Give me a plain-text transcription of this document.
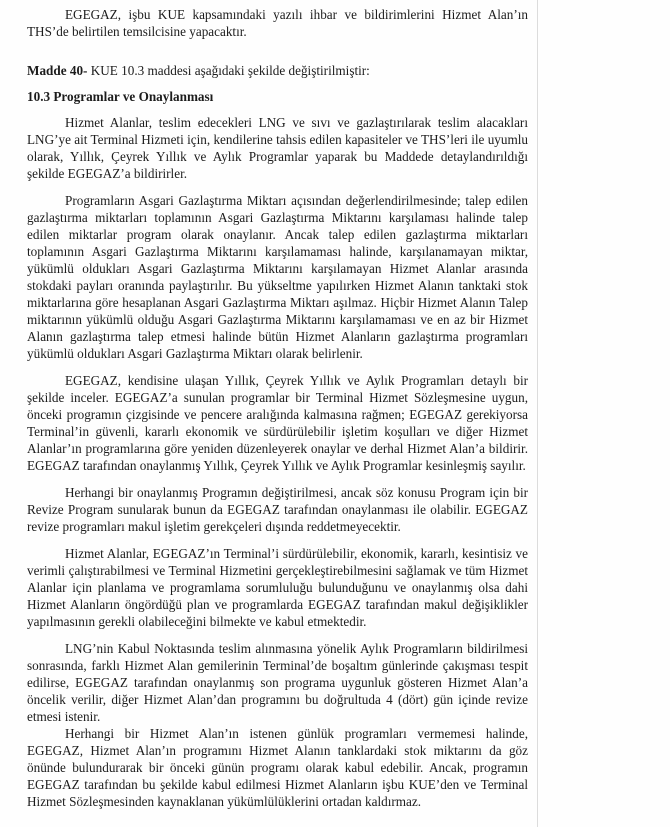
EGEGAZ, işbu KUE kapsamındaki yazılı ihbar ve bildirimlerini Hizmet Alan’ın THS’de belirtilen temsilcisine yapacaktır.

Madde 40- KUE 10.3 maddesi aşağıdaki şekilde değiştirilmiştir:

10.3 Programlar ve Onaylanması

Hizmet Alanlar, teslim edecekleri LNG ve sıvı ve gazlaştırılarak teslim alacakları LNG’ye ait Terminal Hizmeti için, kendilerine tahsis edilen kapasiteler ve THS’leri ile uyumlu olarak, Yıllık, Çeyrek Yıllık ve Aylık Programlar yaparak bu Maddede detaylandırıldığı şekilde EGEGAZ’a bildirirler.

Programların Asgari Gazlaştırma Miktarı açısından değerlendirilmesinde; talep edilen gazlaştırma miktarları toplamının Asgari Gazlaştırma Miktarını karşılaması halinde talep edilen miktarlar program olarak onaylanır. Ancak talep edilen gazlaştırma miktarları toplamının Asgari Gazlaştırma Miktarını karşılamaması halinde, karşılanamayan miktar, yükümlü oldukları Asgari Gazlaştırma Miktarını karşılamayan Hizmet Alanlar arasında stokdaki payları oranında paylaştırılır. Bu yükseltme yapılırken Hizmet Alanın tanktaki stok miktarlarına göre hesaplanan Asgari Gazlaştırma Miktarı aşılmaz. Hiçbir Hizmet Alanın Talep miktarının yükümlü olduğu Asgari Gazlaştırma Miktarını karşılamaması ve en az bir Hizmet Alanın gazlaştırma talep etmesi halinde bütün Hizmet Alanların gazlaştırma programları yükümlü oldukları Asgari Gazlaştırma Miktarı olarak belirlenir.

EGEGAZ, kendisine ulaşan Yıllık, Çeyrek Yıllık ve Aylık Programları detaylı bir şekilde inceler. EGEGAZ’a sunulan programlar bir Terminal Hizmet Sözleşmesine uygun, önceki programın çizgisinde ve pencere aralığında kalmasına rağmen; EGEGAZ gerekiyorsa Terminal’in güvenli, kararlı ekonomik ve sürdürülebilir işletim koşulları ve diğer Hizmet Alanlar’ın programlarına göre yeniden düzenleyerek onaylar ve derhal Hizmet Alan’a bildirir. EGEGAZ tarafından onaylanmış Yıllık, Çeyrek Yıllık ve Aylık Programlar kesinleşmiş sayılır.

Herhangi bir onaylanmış Programın değiştirilmesi, ancak söz konusu Program için bir Revize Program sunularak bunun da EGEGAZ tarafından onaylanması ile olabilir. EGEGAZ revize programları makul işletim gerekçeleri dışında reddetmeyecektir.

Hizmet Alanlar, EGEGAZ’ın Terminal’i sürdürülebilir, ekonomik, kararlı, kesintisiz ve verimli çalıştırabilmesi ve Terminal Hizmetini gerçekleştirebilmesini sağlamak ve tüm Hizmet Alanlar için planlama ve programlama sorumluluğu bulunduğunu ve onaylanmış olsa dahi Hizmet Alanların öngördüğü plan ve programlarda EGEGAZ tarafından makul değişiklikler yapılmasının gerekli olabileceğini bilmekte ve kabul etmektedir.

LNG’nin Kabul Noktasında teslim alınmasına yönelik Aylık Programların bildirilmesi sonrasında, farklı Hizmet Alan gemilerinin Terminal’de boşaltım günlerinde çakışması tespit edilirse, EGEGAZ tarafından onaylanmış son programa uygunluk gösteren Hizmet Alan’a öncelik verilir, diğer Hizmet Alan’dan programını bu doğrultuda 4 (dört) gün içinde revize etmesi istenir.

Herhangi bir Hizmet Alan’ın istenen günlük programları vermemesi halinde, EGEGAZ, Hizmet Alan’ın programını Hizmet Alanın tanklardaki stok miktarını da göz önünde bulundurarak bir önceki günün programı olarak kabul edebilir. Ancak, programın EGEGAZ tarafından bu şekilde kabul edilmesi Hizmet Alanların işbu KUE’den ve Terminal Hizmet Sözleşmesinden kaynaklanan yükümlülüklerini ortadan kaldırmaz.
